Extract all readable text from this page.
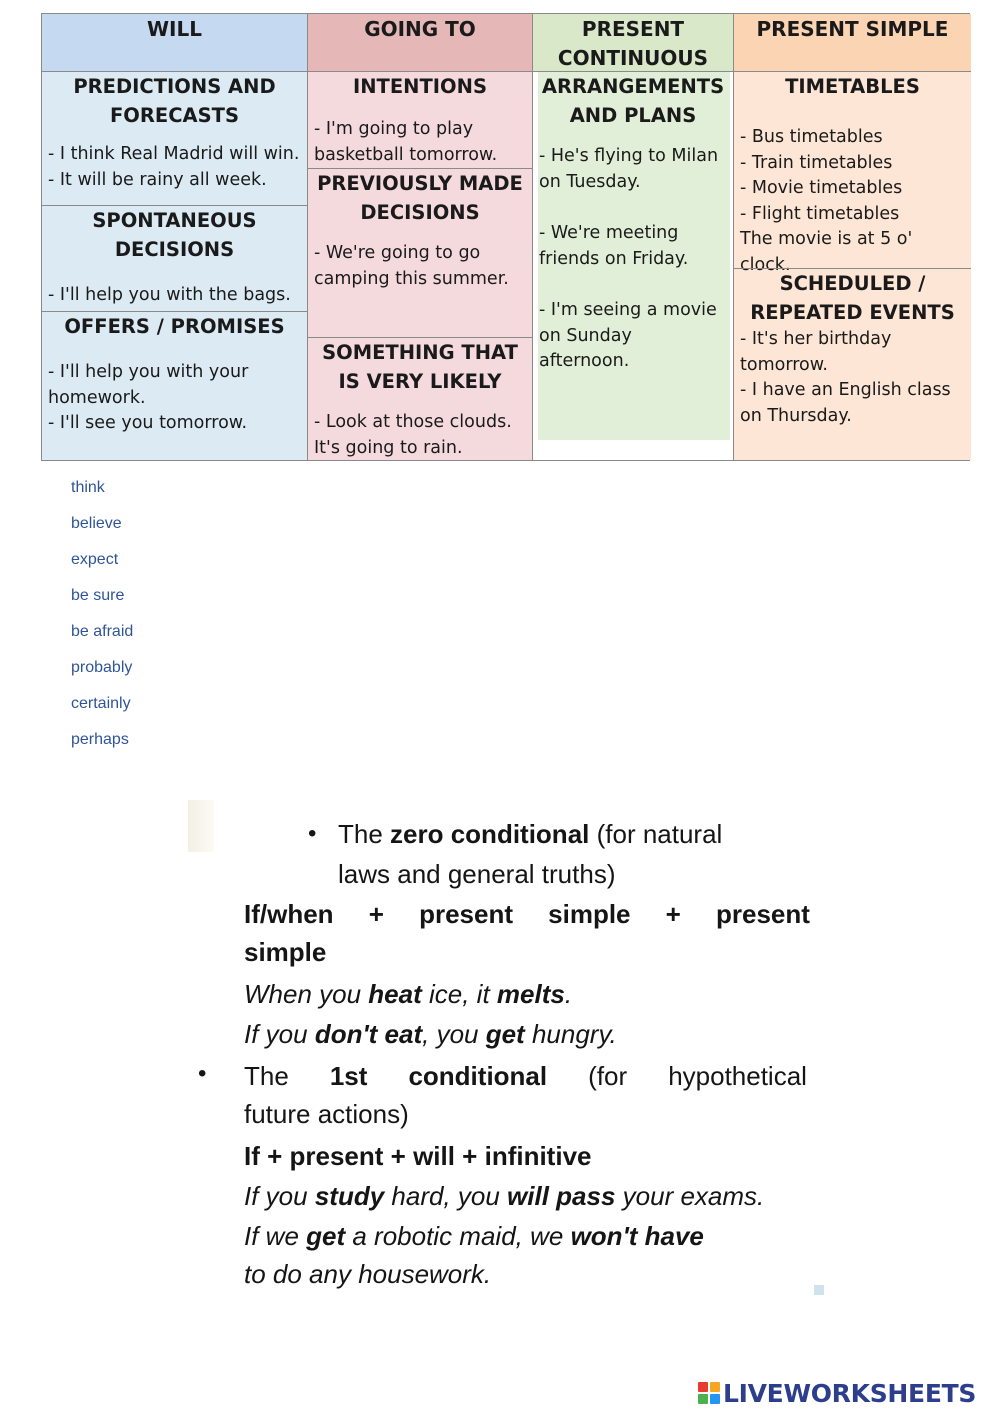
WILL
PREDICTIONS AND
FORECASTS
- I think Real Madrid will win.
- It will be rainy all week.
SPONTANEOUS
DECISIONS
- I'll help you with the bags.
OFFERS / PROMISES
- I'll help you with your
homework.
- I'll see you tomorrow.
GOING TO
INTENTIONS
- I'm going to play
basketball tomorrow.
PREVIOUSLY MADE
DECISIONS
- We're going to go
camping this summer.
SOMETHING THAT
IS VERY LIKELY
- Look at those clouds.
It's going to rain.
PRESENT
CONTINUOUS
ARRANGEMENTS
AND PLANS
- He's flying to Milan
on Tuesday.
- We're meeting
friends on Friday.
- I'm seeing a movie
on Sunday afternoon.
PRESENT SIMPLE
TIMETABLES
- Bus timetables
- Train timetables
- Movie timetables
- Flight timetables
The movie is at 5 o' clock.
SCHEDULED /
REPEATED EVENTS
- It's her birthday
tomorrow.
- I have an English class
on Thursday.
think
believe
expect
be sure
be afraid
probably
certainly
perhaps
• The zero conditional (for natural
laws and general truths)
If/when + present simple + present
simple
When you heat ice, it melts.
If you don't eat, you get hungry.
• The 1st conditional (for hypothetical
future actions)
If + present + will + infinitive
If you study hard, you will pass your exams.
If we get a robotic maid, we won't have
to do any housework.
LIVEWORKSHEETS
